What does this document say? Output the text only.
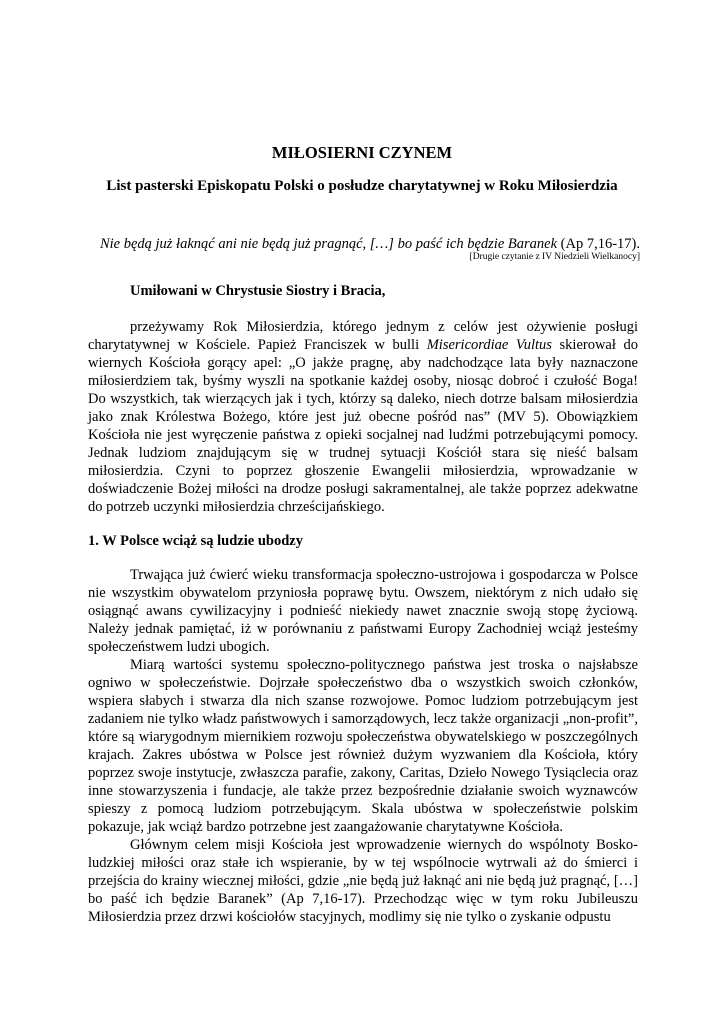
MIŁOSIERNI CZYNEM
List pasterski Episkopatu Polski o posłudze charytatywnej w Roku Miłosierdzia
Nie będą już łaknąć ani nie będą już pragnąć, […] bo paść ich będzie Baranek (Ap 7,16-17).
[Drugie czytanie z IV Niedzieli Wielkanocy]
Umiłowani w Chrystusie Siostry i Bracia,

przeżywamy Rok Miłosierdzia, którego jednym z celów jest ożywienie posługi charytatywnej w Kościele. Papież Franciszek w bulli Misericordiae Vultus skierował do wiernych Kościoła gorący apel: „O jakże pragnę, aby nadchodzące lata były naznaczone miłosierdziem tak, byśmy wyszli na spotkanie każdej osoby, niosąc dobroć i czułość Boga! Do wszystkich, tak wierzących jak i tych, którzy są daleko, niech dotrze balsam miłosierdzia jako znak Królestwa Bożego, które jest już obecne pośród nas” (MV 5). Obowiązkiem Kościoła nie jest wyręczenie państwa z opieki socjalnej nad ludźmi potrzebującymi pomocy. Jednak ludziom znajdującym się w trudnej sytuacji Kościół stara się nieść balsam miłosierdzia. Czyni to poprzez głoszenie Ewangelii miłosierdzia, wprowadzanie w doświadczenie Bożej miłości na drodze posługi sakramentalnej, ale także poprzez adekwatne do potrzeb uczynki miłosierdzia chrześcijańskiego.

1. W Polsce wciąż są ludzie ubodzy

Trwająca już ćwierć wieku transformacja społeczno-ustrojowa i gospodarcza w Polsce nie wszystkim obywatelom przyniosła poprawę bytu. Owszem, niektórym z nich udało się osiągnąć awans cywilizacyjny i podnieść niekiedy nawet znacznie swoją stopę życiową. Należy jednak pamiętać, iż w porównaniu z państwami Europy Zachodniej wciąż jesteśmy społeczeństwem ludzi ubogich.

Miarą wartości systemu społeczno-politycznego państwa jest troska o najsłabsze ogniwo w społeczeństwie. Dojrzałe społeczeństwo dba o wszystkich swoich członków, wspiera słabych i stwarza dla nich szanse rozwojowe. Pomoc ludziom potrzebującym jest zadaniem nie tylko władz państwowych i samorządowych, lecz także organizacji „non-profit”, które są wiarygodnym miernikiem rozwoju społeczeństwa obywatelskiego w poszczególnych krajach. Zakres ubóstwa w Polsce jest również dużym wyzwaniem dla Kościoła, który poprzez swoje instytucje, zwłaszcza parafie, zakony, Caritas, Dzieło Nowego Tysiąclecia oraz inne stowarzyszenia i fundacje, ale także przez bezpośrednie działanie swoich wyznawców spieszy z pomocą ludziom potrzebującym. Skala ubóstwa w społeczeństwie polskim pokazuje, jak wciąż bardzo potrzebne jest zaangażowanie charytatywne Kościoła.

Głównym celem misji Kościoła jest wprowadzenie wiernych do wspólnoty Bosko-ludzkiej miłości oraz stałe ich wspieranie, by w tej wspólnocie wytrwali aż do śmierci i przejścia do krainy wiecznej miłości, gdzie „nie będą już łaknąć ani nie będą już pragnąć, […] bo paść ich będzie Baranek” (Ap 7,16-17). Przechodząc więc w tym roku Jubileuszu Miłosierdzia przez drzwi kościołów stacyjnych, modlimy się nie tylko o zyskanie odpustu
